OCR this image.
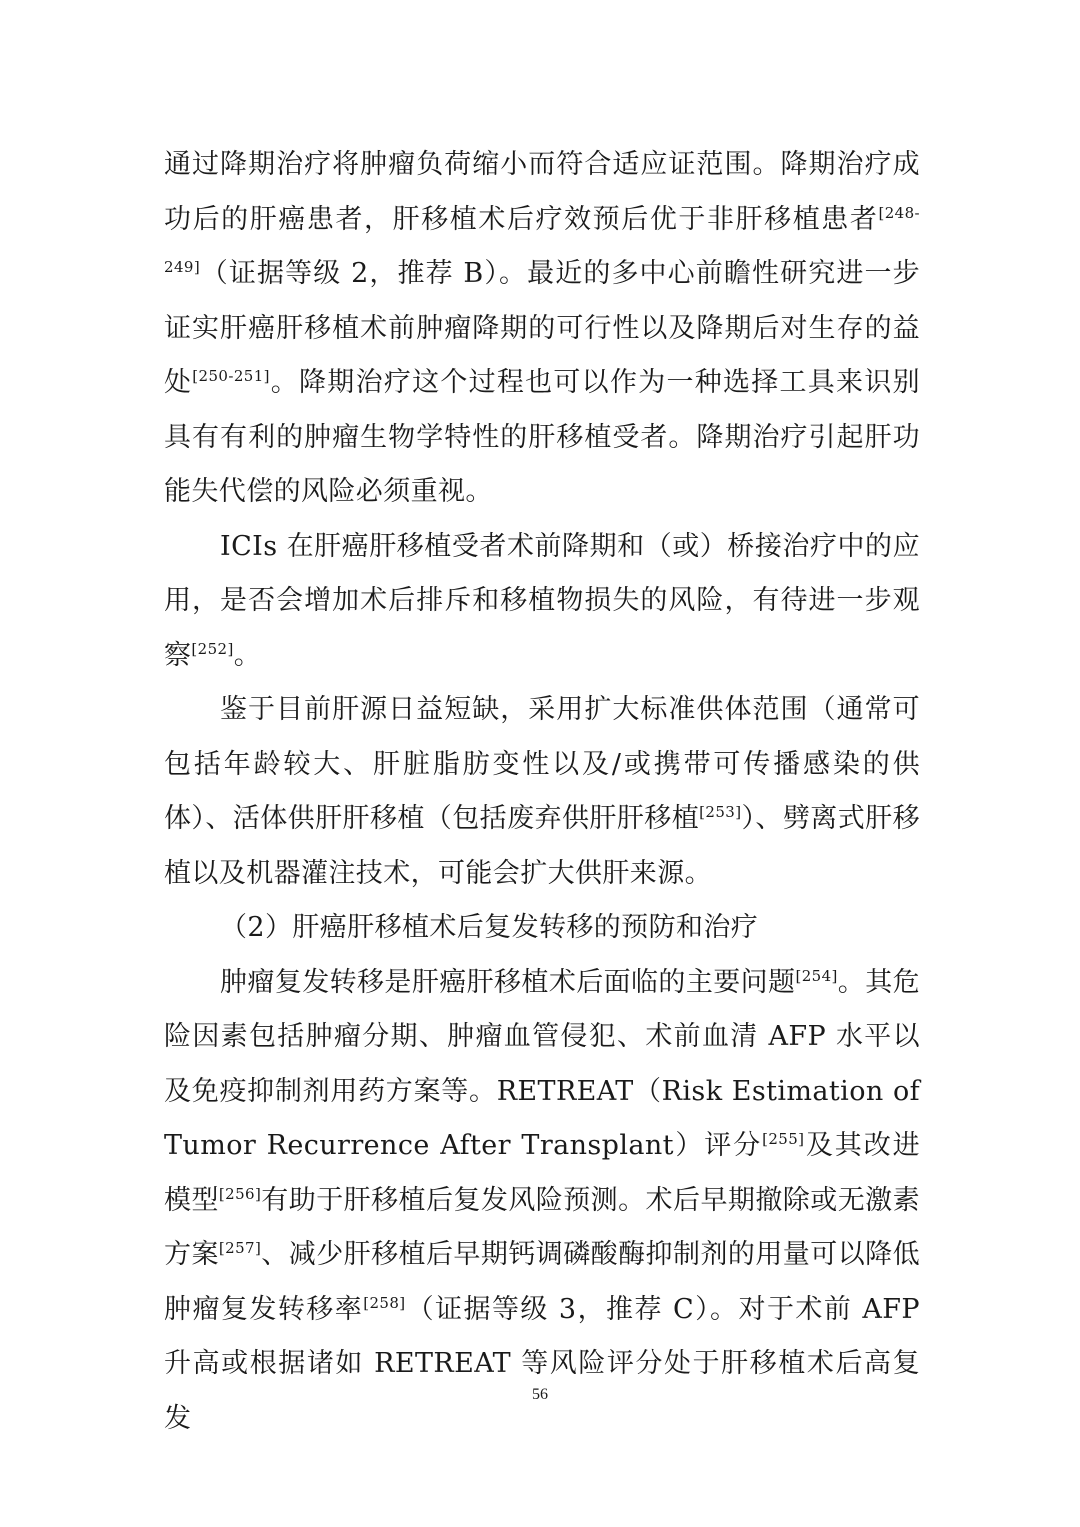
通过降期治疗将肿瘤负荷缩小而符合适应证范围。降期治疗成功后的肝癌患者，肝移植术后疗效预后优于非肝移植患者[248-249]（证据等级 2，推荐 B）。最近的多中心前瞻性研究进一步证实肝癌肝移植术前肿瘤降期的可行性以及降期后对生存的益处[250-251]。降期治疗这个过程也可以作为一种选择工具来识别具有有利的肿瘤生物学特性的肝移植受者。降期治疗引起肝功能失代偿的风险必须重视。

ICIs 在肝癌肝移植受者术前降期和（或）桥接治疗中的应用，是否会增加术后排斥和移植物损失的风险，有待进一步观察[252]。

鉴于目前肝源日益短缺，采用扩大标准供体范围（通常可包括年龄较大、肝脏脂肪变性以及/或携带可传播感染的供体）、活体供肝肝移植（包括废弃供肝肝移植[253]）、劈离式肝移植以及机器灌注技术，可能会扩大供肝来源。

（2）肝癌肝移植术后复发转移的预防和治疗

肿瘤复发转移是肝癌肝移植术后面临的主要问题[254]。其危险因素包括肿瘤分期、肿瘤血管侵犯、术前血清 AFP 水平以及免疫抑制剂用药方案等。RETREAT（Risk Estimation of Tumor Recurrence After Transplant）评分[255]及其改进模型[256]有助于肝移植后复发风险预测。术后早期撤除或无激素方案[257]、减少肝移植后早期钙调磷酸酶抑制剂的用量可以降低肿瘤复发转移率[258]（证据等级 3，推荐 C）。对于术前 AFP 升高或根据诸如 RETREAT 等风险评分处于肝移植术后高复发

56
